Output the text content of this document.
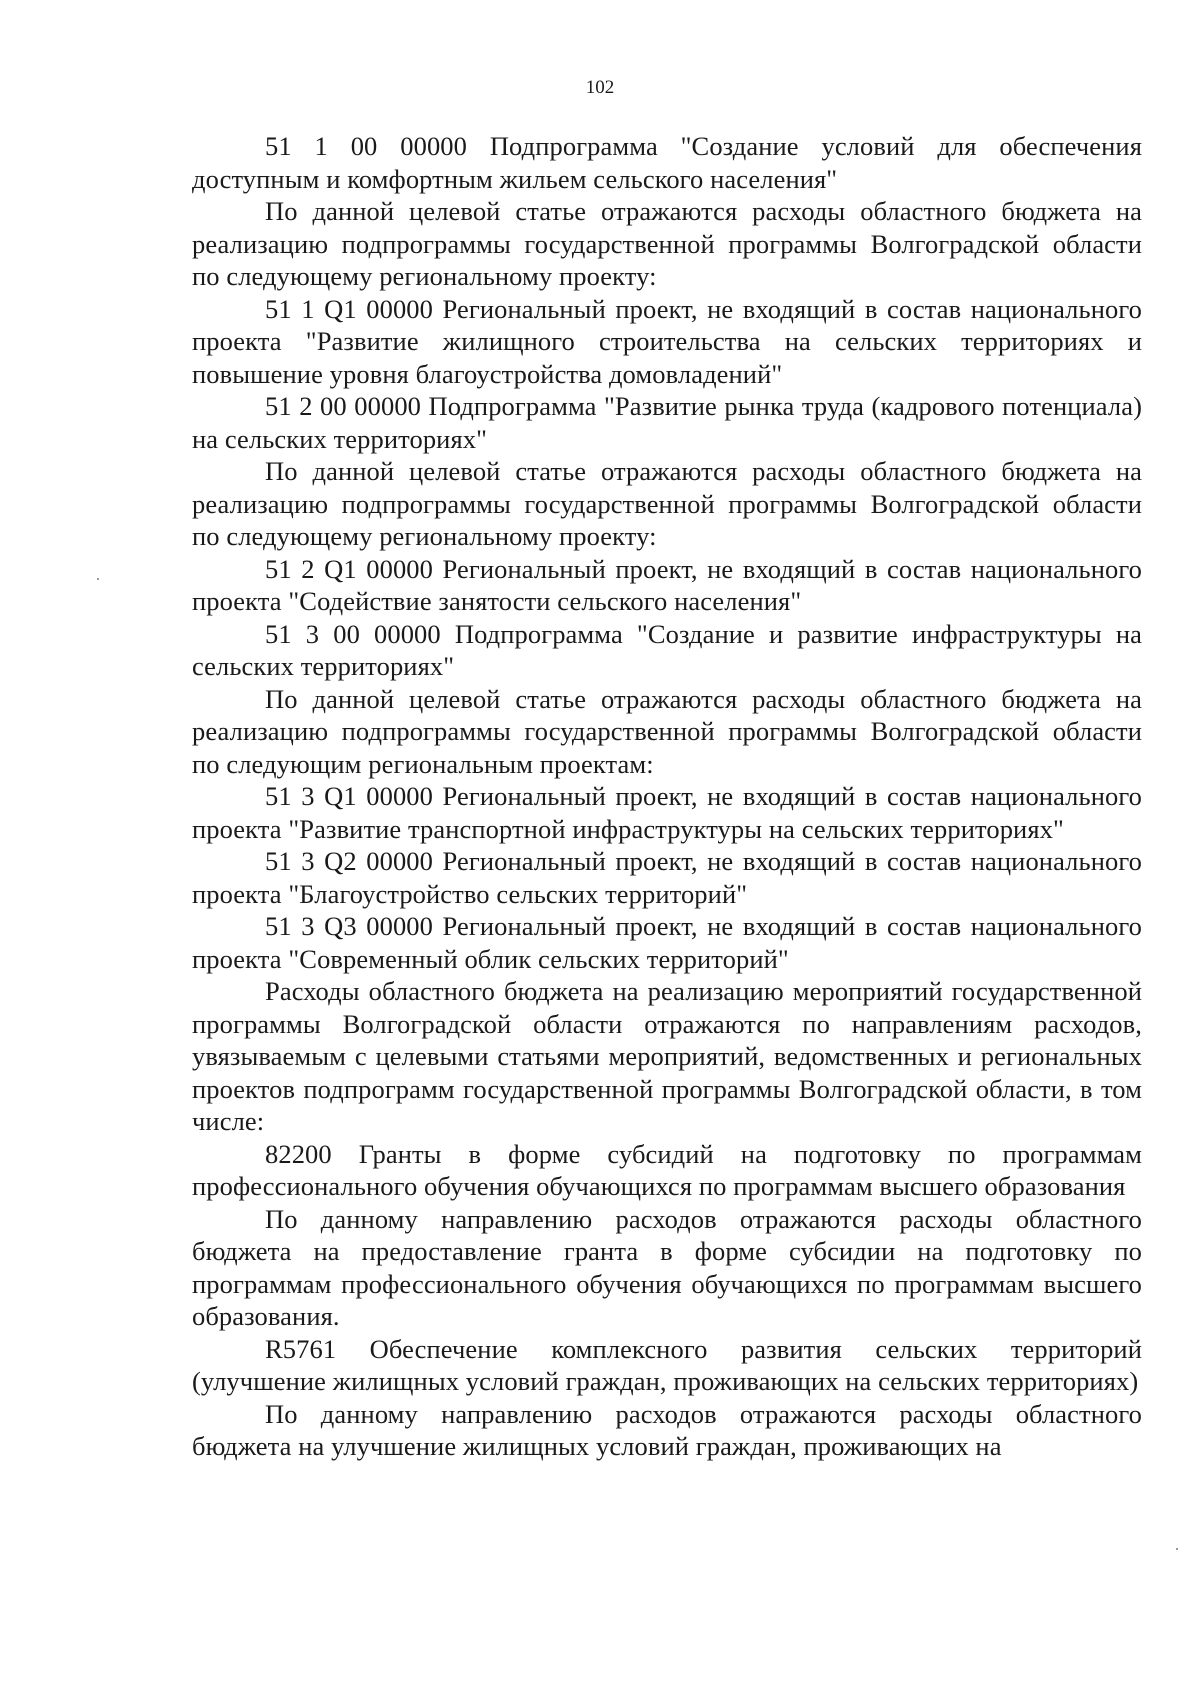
102

51 1 00 00000 Подпрограмма "Создание условий для обеспечения доступным и комфортным жильем сельского населения"

По данной целевой статье отражаются расходы областного бюджета на реализацию подпрограммы государственной программы Волгоградской области по следующему региональному проекту:

51 1 Q1 00000 Региональный проект, не входящий в состав национального проекта "Развитие жилищного строительства на сельских территориях и повышение уровня благоустройства домовладений"

51 2 00 00000 Подпрограмма "Развитие рынка труда (кадрового потенциала) на сельских территориях"

По данной целевой статье отражаются расходы областного бюджета на реализацию подпрограммы государственной программы Волгоградской области по следующему региональному проекту:

51 2 Q1 00000 Региональный проект, не входящий в состав национального проекта "Содействие занятости сельского населения"

51 3 00 00000 Подпрограмма "Создание и развитие инфраструктуры на сельских территориях"

По данной целевой статье отражаются расходы областного бюджета на реализацию подпрограммы государственной программы Волгоградской области по следующим региональным проектам:

51 3 Q1 00000 Региональный проект, не входящий в состав национального проекта "Развитие транспортной инфраструктуры на сельских территориях"

51 3 Q2 00000 Региональный проект, не входящий в состав национального проекта "Благоустройство сельских территорий"

51 3 Q3 00000 Региональный проект, не входящий в состав национального проекта "Современный облик сельских территорий"

Расходы областного бюджета на реализацию мероприятий государственной программы Волгоградской области отражаются по направлениям расходов, увязываемым с целевыми статьями мероприятий, ведомственных и региональных проектов подпрограмм государственной программы Волгоградской области, в том числе:

82200 Гранты в форме субсидий на подготовку по программам профессионального обучения обучающихся по программам высшего образования

По данному направлению расходов отражаются расходы областного бюджета на предоставление гранта в форме субсидии на подготовку по программам профессионального обучения обучающихся по программам высшего образования.

R5761 Обеспечение комплексного развития сельских территорий (улучшение жилищных условий граждан, проживающих на сельских территориях)

По данному направлению расходов отражаются расходы областного бюджета на улучшение жилищных условий граждан, проживающих на
